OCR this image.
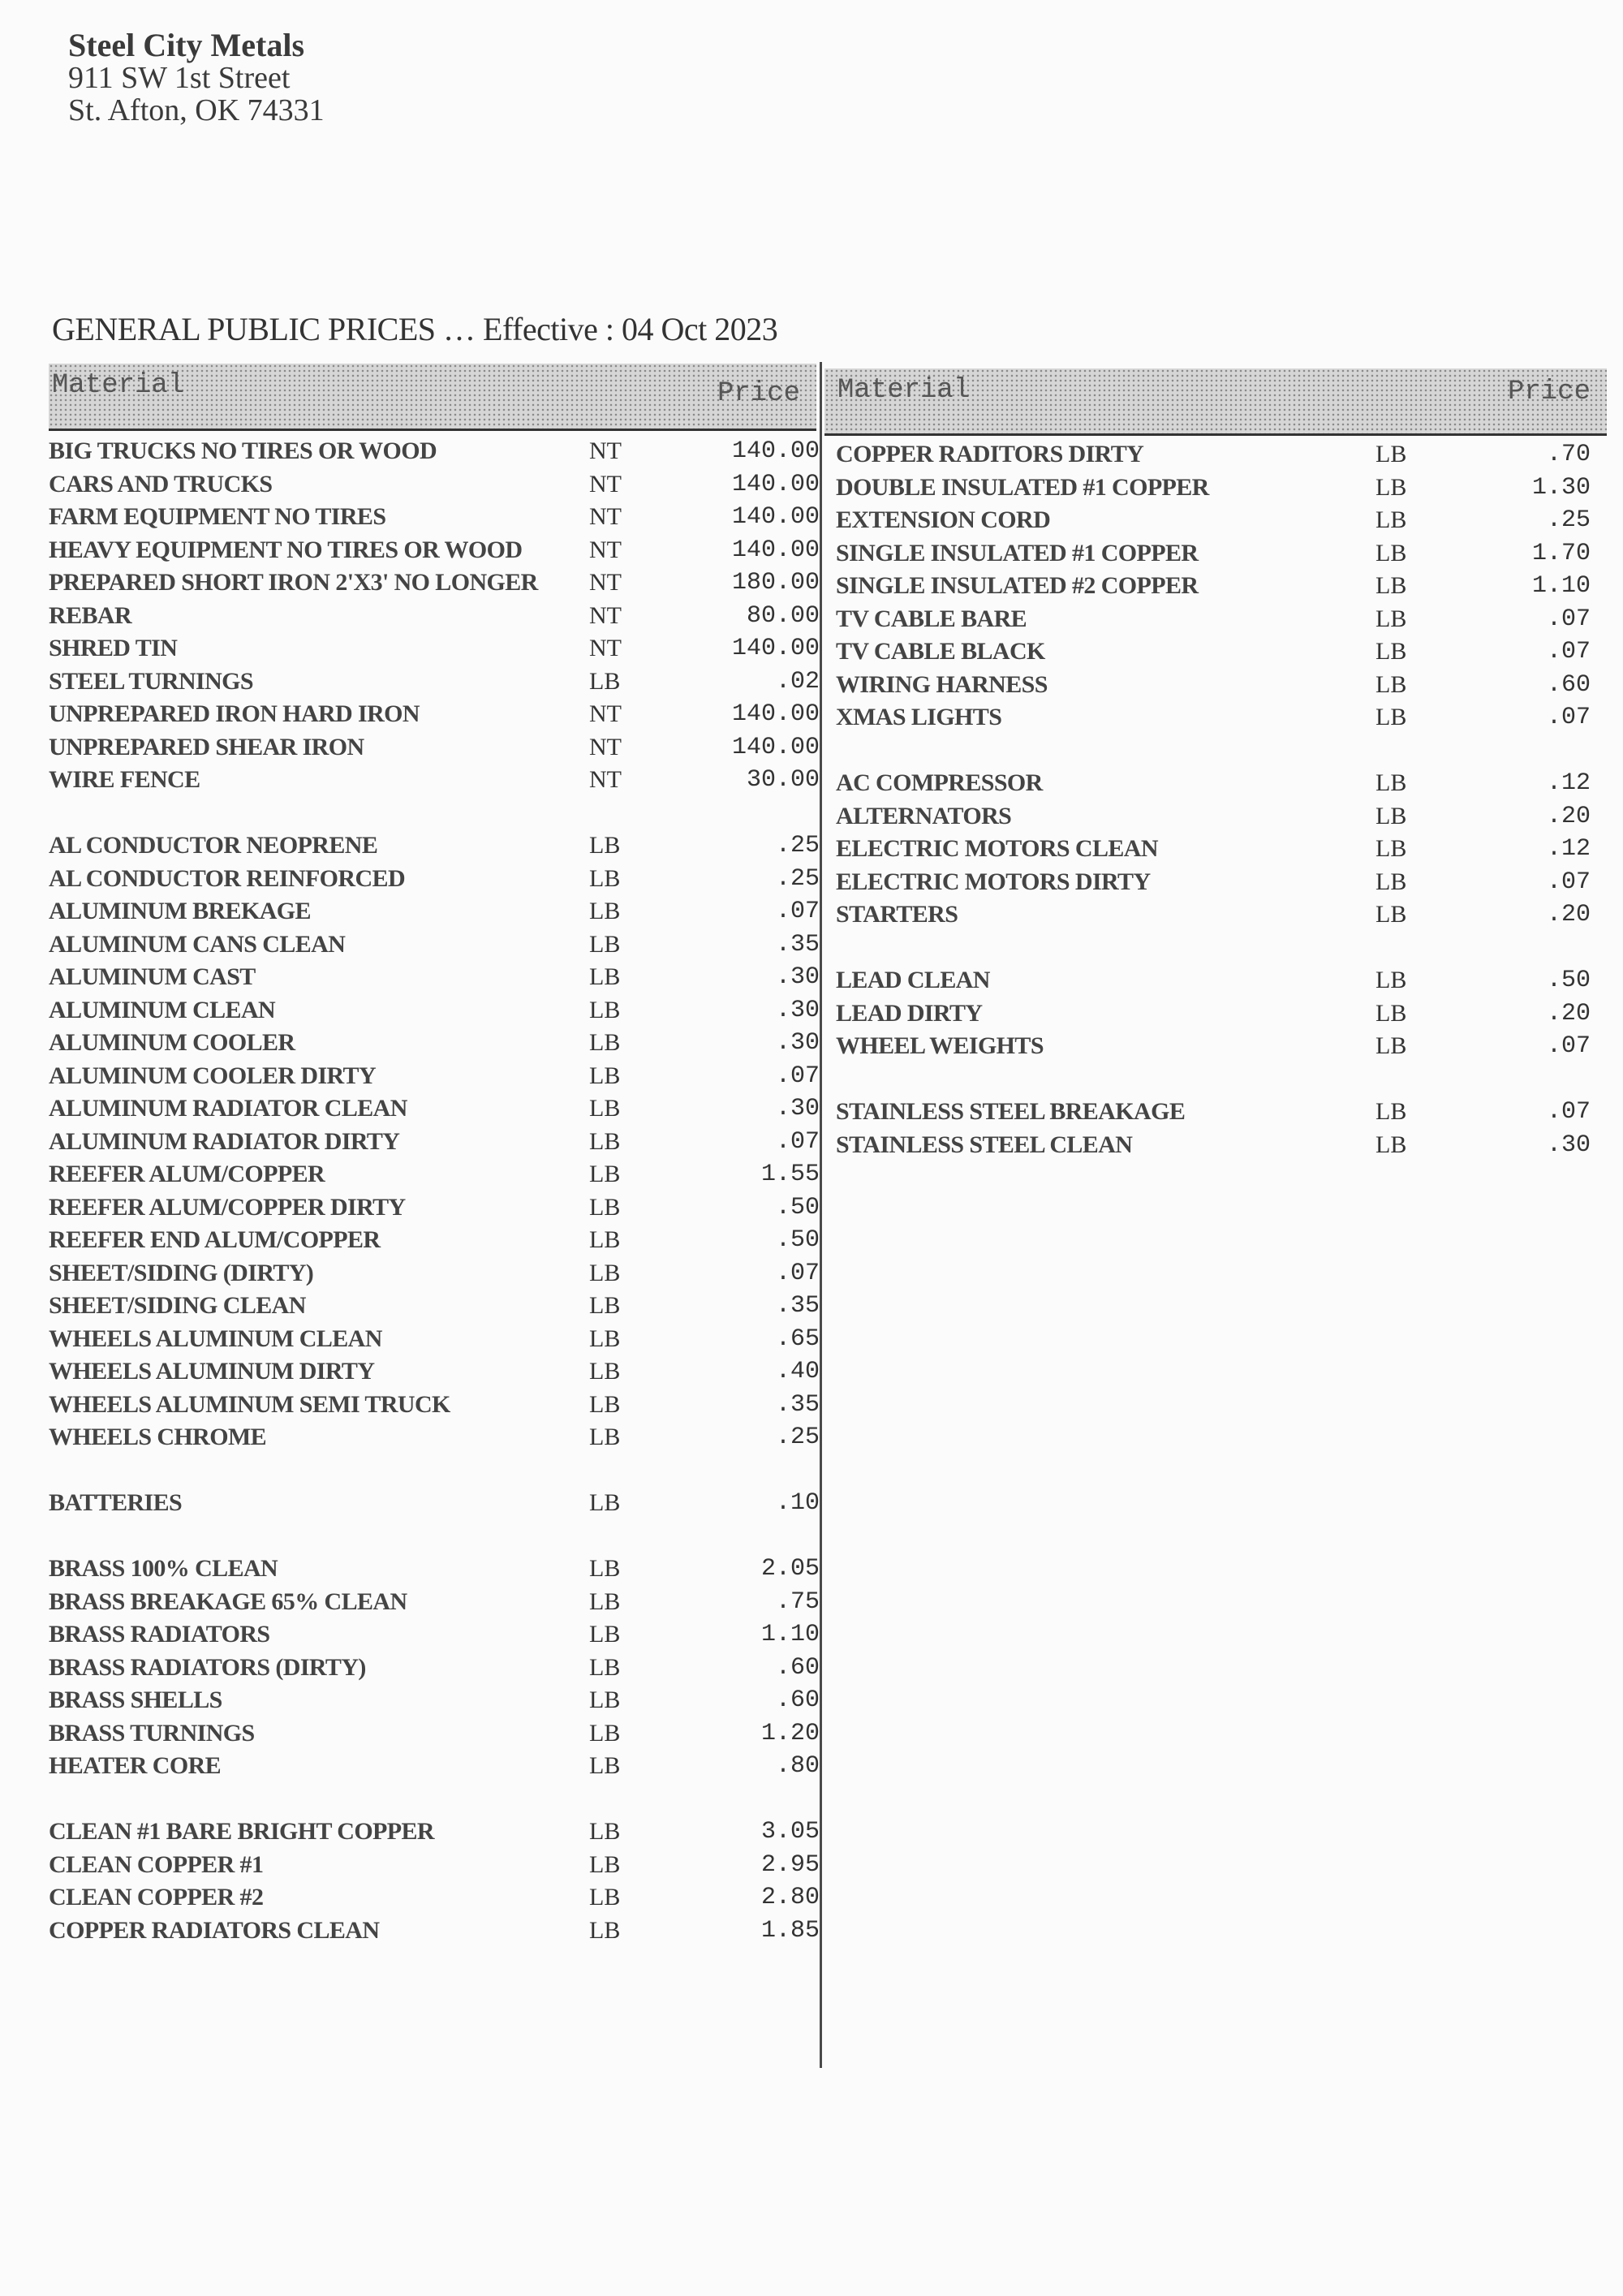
Steel City Metals
911 SW 1st Street
St. Afton, OK 74331
GENERAL PUBLIC PRICES … Effective : 04 Oct 2023
Material	Price Material	Price
BIG TRUCKS NO TIRES OR WOOD	NT	140.00
CARS AND TRUCKS	NT	140.00
FARM EQUIPMENT NO TIRES	NT	140.00
HEAVY EQUIPMENT NO TIRES OR WOOD	NT	140.00
PREPARED SHORT IRON 2'X3' NO LONGER NT	180.00
REBAR	NT	80.00
SHRED TIN	NT	140.00
STEEL TURNINGS	LB	.02
UNPREPARED IRON HARD IRON	NT	140.00
UNPREPARED SHEAR IRON	NT	140.00
WIRE FENCE	NT	30.00
AL CONDUCTOR NEOPRENE	LB	.25
AL CONDUCTOR REINFORCED	LB	.25
ALUMINUM BREKAGE	LB	.07
ALUMINUM CANS CLEAN	LB	.35
ALUMINUM CAST	LB	.30
ALUMINUM CLEAN	LB	.30
ALUMINUM COOLER	LB	.30
ALUMINUM COOLER DIRTY	LB	.07
ALUMINUM RADIATOR CLEAN	LB	.30
ALUMINUM RADIATOR DIRTY	LB	.07
REEFER ALUM/COPPER	LB	1.55
REEFER ALUM/COPPER DIRTY	LB	.50
REEFER END ALUM/COPPER	LB	.50
SHEET/SIDING (DIRTY)	LB	.07
SHEET/SIDING CLEAN	LB	.35
WHEELS ALUMINUM CLEAN	LB	.65
WHEELS ALUMINUM DIRTY	LB	.40
WHEELS ALUMINUM SEMI TRUCK	LB	.35
WHEELS CHROME	LB	.25
BATTERIES	LB	.10
BRASS 100% CLEAN	LB	2.05
BRASS BREAKAGE 65% CLEAN	LB	.75
BRASS RADIATORS	LB	1.10
BRASS RADIATORS (DIRTY)	LB	.60
BRASS SHELLS	LB	.60
BRASS TURNINGS	LB	1.20
HEATER CORE	LB	.80
CLEAN #1 BARE BRIGHT COPPER	LB	3.05
CLEAN COPPER #1	LB	2.95
CLEAN COPPER #2	LB	2.80
COPPER RADIATORS CLEAN	LB	1.85
COPPER RADITORS DIRTY	LB	.70
DOUBLE INSULATED #1 COPPER	LB	1.30
EXTENSION CORD	LB	.25
SINGLE INSULATED #1 COPPER	LB	1.70
SINGLE INSULATED #2 COPPER	LB	1.10
TV CABLE BARE	LB	.07
TV CABLE BLACK	LB	.07
WIRING HARNESS	LB	.60
XMAS LIGHTS	LB	.07
AC COMPRESSOR	LB	.12
ALTERNATORS	LB	.20
ELECTRIC MOTORS CLEAN	LB	.12
ELECTRIC MOTORS DIRTY	LB	.07
STARTERS	LB	.20
LEAD CLEAN	LB	.50
LEAD DIRTY	LB	.20
WHEEL WEIGHTS	LB	.07
STAINLESS STEEL BREAKAGE	LB	.07
STAINLESS STEEL CLEAN	LB	.30
